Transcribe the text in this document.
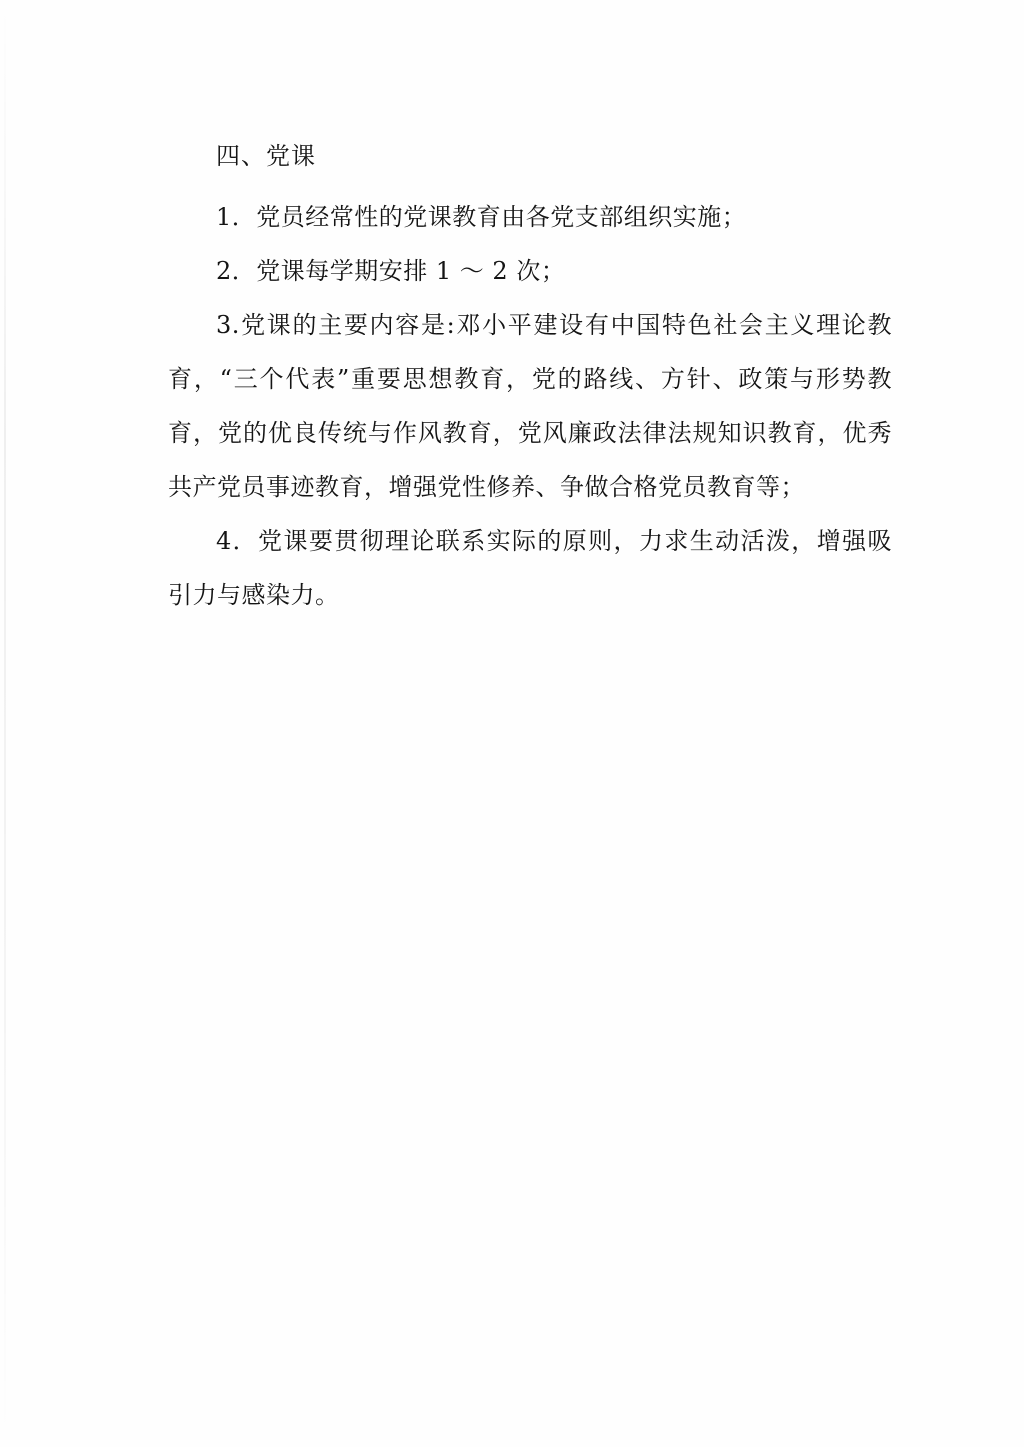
四、党课

1．党员经常性的党课教育由各党支部组织实施；

2．党课每学期安排 1 ～ 2 次；

3.党课的主要内容是:邓小平建设有中国特色社会主义理论教育，“三个代表”重要思想教育，党的路线、方针、政策与形势教育，党的优良传统与作风教育，党风廉政法律法规知识教育，优秀共产党员事迹教育，增强党性修养、争做合格党员教育等；

4．党课要贯彻理论联系实际的原则，力求生动活泼，增强吸引力与感染力。
